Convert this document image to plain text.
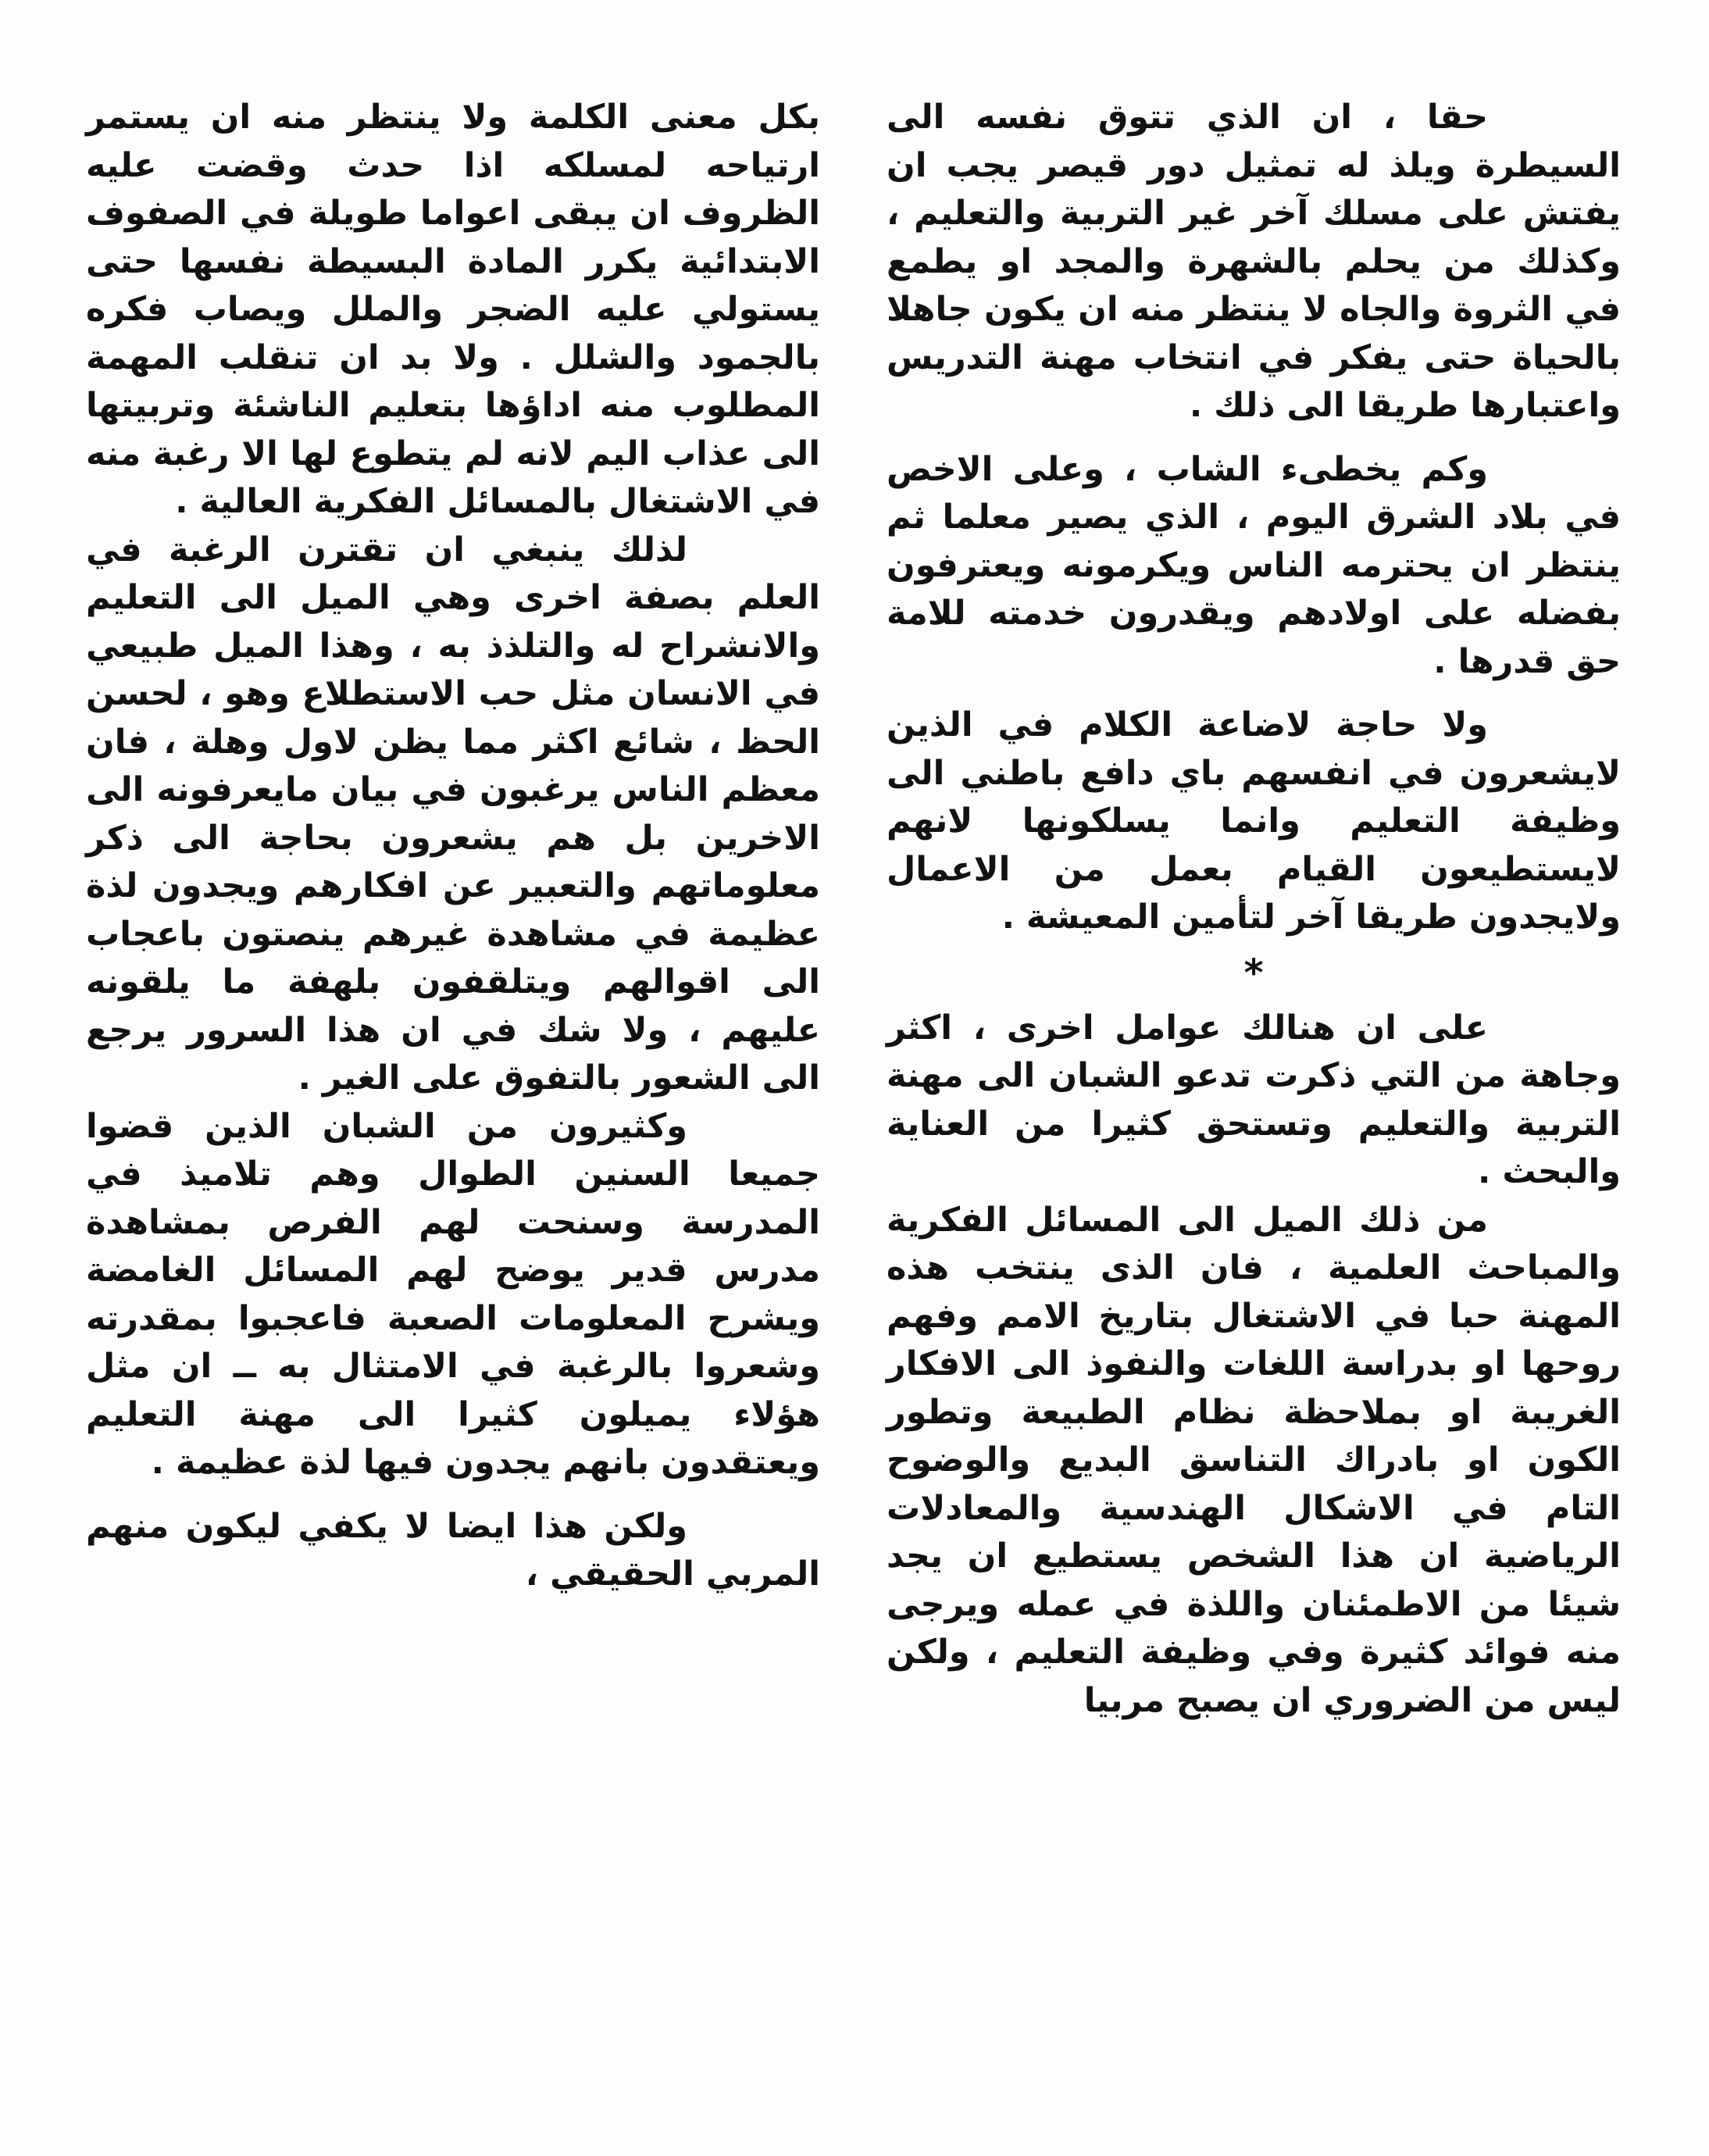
حقا ، ان الذي تتوق نفسه الى السيطرة ويلذ له تمثيل دور قيصر يجب ان يفتش على مسلك آخر غير التربية والتعليم ، وكذلك من يحلم بالشهرة والمجد او يطمع في الثروة والجاه لا ينتظر منه ان يكون جاهلا بالحياة حتى يفكر في انتخاب مهنة التدريس واعتبارها طريقا الى ذلك .

وكم يخطىء الشاب ، وعلى الاخص في بلاد الشرق اليوم ، الذي يصير معلما ثم ينتظر ان يحترمه الناس ويكرمونه ويعترفون بفضله على اولادهم ويقدرون خدمته للامة حق قدرها .

ولا حاجة لاضاعة الكلام في الذين لايشعرون في انفسهم باي دافع باطني الى وظيفة التعليم وانما يسلكونها لانهم لايستطيعون القيام بعمل من الاعمال ولايجدون طريقا آخر لتأمين المعيشة .

*

على ان هنالك عوامل اخرى ، اكثر وجاهة من التي ذكرت تدعو الشبان الى مهنة التربية والتعليم وتستحق كثيرا من العناية والبحث .

من ذلك الميل الى المسائل الفكرية والمباحث العلمية ، فان الذى ينتخب هذه المهنة حبا في الاشتغال بتاريخ الامم وفهم روحها او بدراسة اللغات والنفوذ الى الافكار الغريبة او بملاحظة نظام الطبيعة وتطور الكون او بادراك التناسق البديع والوضوح التام في الاشكال الهندسية والمعادلات الرياضية ان هذا الشخص يستطيع ان يجد شيئا من الاطمئنان واللذة في عمله ويرجى منه فوائد كثيرة وفي وظيفة التعليم ، ولكن ليس من الضروري ان يصبح مربيا

بكل معنى الكلمة ولا ينتظر منه ان يستمر ارتياحه لمسلكه اذا حدث وقضت عليه الظروف ان يبقى اعواما طويلة في الصفوف الابتدائية يكرر المادة البسيطة نفسها حتى يستولي عليه الضجر والملل ويصاب فكره بالجمود والشلل . ولا بد ان تنقلب المهمة المطلوب منه اداؤها بتعليم الناشئة وتربيتها الى عذاب اليم لانه لم يتطوع لها الا رغبة منه في الاشتغال بالمسائل الفكرية العالية .

لذلك ينبغي ان تقترن الرغبة في العلم بصفة اخرى وهي الميل الى التعليم والانشراح له والتلذذ به ، وهذا الميل طبيعي في الانسان مثل حب الاستطلاع وهو ، لحسن الحظ ، شائع اكثر مما يظن لاول وهلة ، فان معظم الناس يرغبون في بيان مايعرفونه الى الاخرين بل هم يشعرون بحاجة الى ذكر معلوماتهم والتعبير عن افكارهم ويجدون لذة عظيمة في مشاهدة غيرهم ينصتون باعجاب الى اقوالهم ويتلقفون بلهفة ما يلقونه عليهم ، ولا شك في ان هذا السرور يرجع الى الشعور بالتفوق على الغير .

وكثيرون من الشبان الذين قضوا جميعا السنين الطوال وهم تلاميذ في المدرسة وسنحت لهم الفرص بمشاهدة مدرس قدير يوضح لهم المسائل الغامضة ويشرح المعلومات الصعبة فاعجبوا بمقدرته وشعروا بالرغبة في الامتثال به ــ ان مثل هؤلاء يميلون كثيرا الى مهنة التعليم ويعتقدون بانهم يجدون فيها لذة عظيمة .

ولكن هذا ايضا لا يكفي ليكون منهم المربي الحقيقي ،
